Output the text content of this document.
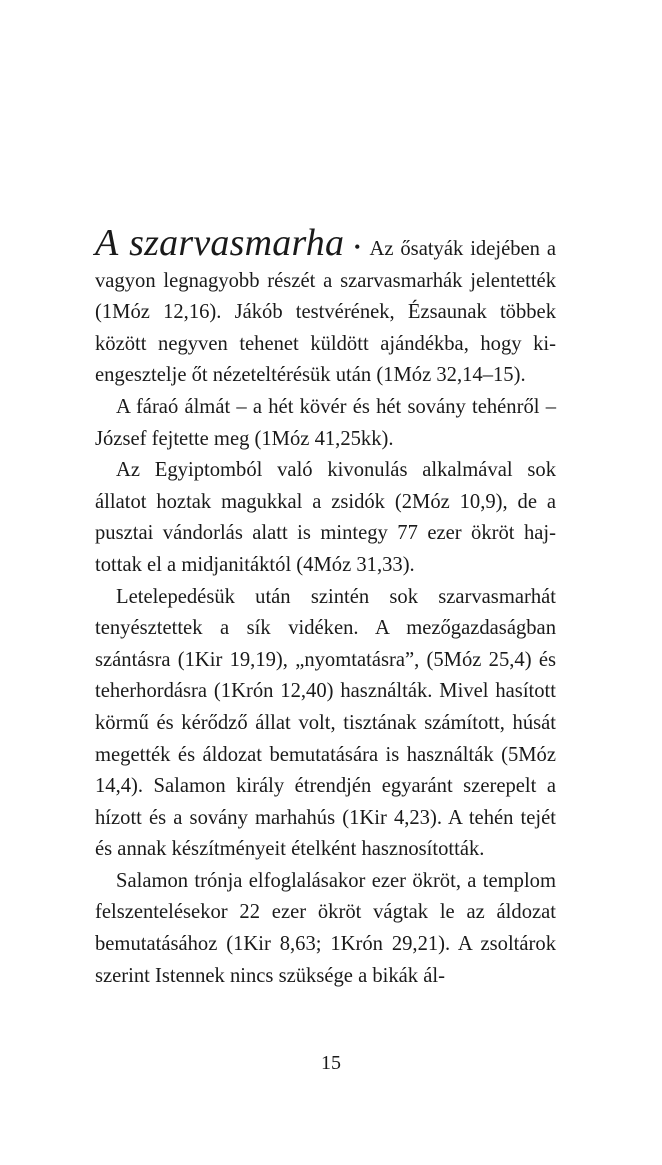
A szarvasmarha • Az ősatyák idejében a vagyon legnagyobb részét a szarvasmarhák jelentették (1Móz 12,16). Jákób testvérének, Ézsaunak többek között negyven tehenet küldött ajándékba, hogy kiengesztelje őt nézeteltérésük után (1Móz 32,14–15).

A fáraó álmát – a hét kövér és hét sovány tehénről – József fejtette meg (1Móz 41,25kk).

Az Egyiptomból való kivonulás alkalmával sok állatot hoztak magukkal a zsidók (2Móz 10,9), de a pusztai vándorlás alatt is mintegy 77 ezer ökröt hajtottak el a midjanitáktól (4Móz 31,33).

Letelepedésük után szintén sok szarvasmarhát tenyésztettek a sík vidéken. A mezőgazdaságban szántásra (1Kir 19,19), „nyomtatásra”, (5Móz 25,4) és teherhordásra (1Krón 12,40) használták. Mivel hasított körmű és kérődző állat volt, tisztának számított, húsát megették és áldozat bemutatására is használták (5Móz 14,4). Salamon király étrendjén egyaránt szerepelt a hízott és a sovány marhahús (1Kir 4,23). A tehén tejét és annak készítményeit ételként hasznosították.

Salamon trónja elfoglalásakor ezer ökröt, a templom felszentelésekor 22 ezer ökröt vágtak le az áldozat bemutatásához (1Kir 8,63; 1Krón 29,21). A zsoltárok szerint Istennek nincs szüksége a bikák ál-

15
